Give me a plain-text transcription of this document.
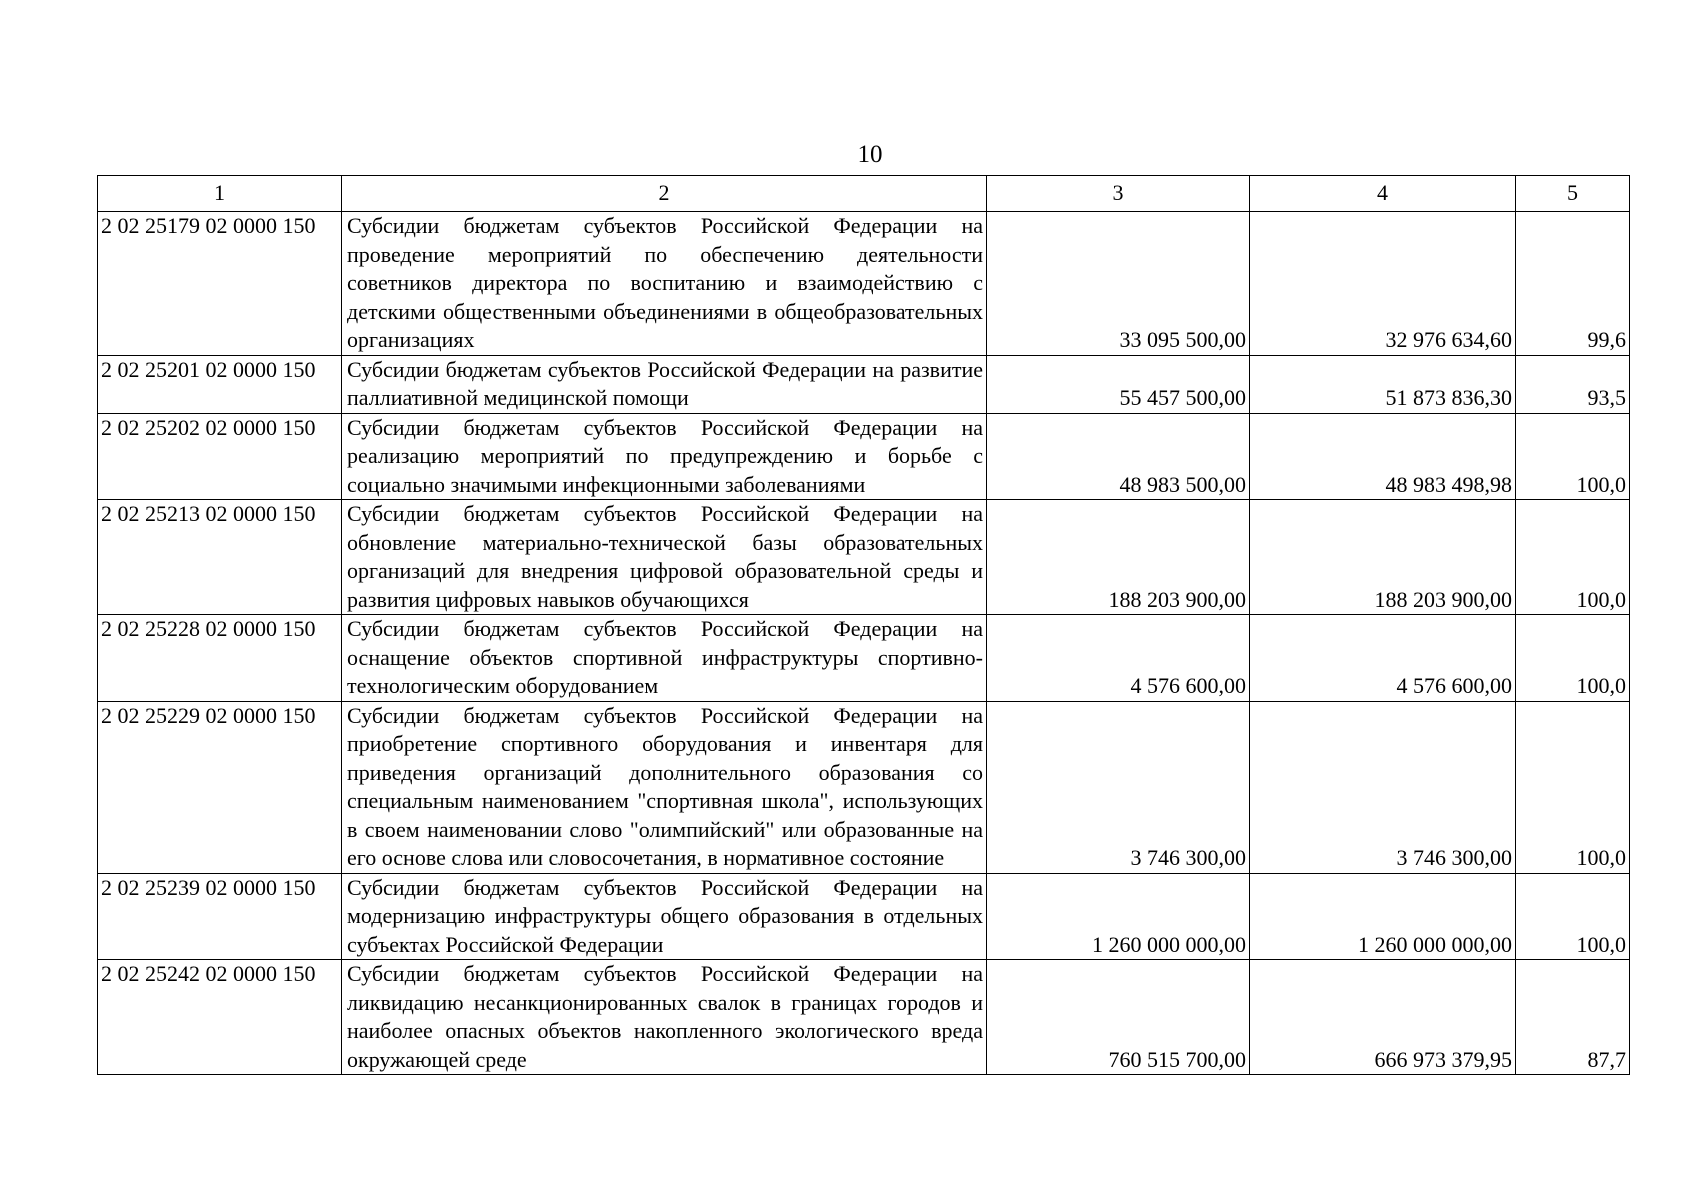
10
1	2	3	4	5
2 02 25179 02 0000 150	Субсидии бюджетам субъектов Российской Федерации на проведение мероприятий по обеспечению деятельности советников директора по воспитанию и взаимодействию с детскими общественными объединениями в общеобразовательных организациях	33 095 500,00	32 976 634,60	99,6
2 02 25201 02 0000 150	Субсидии бюджетам субъектов Российской Федерации на развитие паллиативной медицинской помощи	55 457 500,00	51 873 836,30	93,5
2 02 25202 02 0000 150	Субсидии бюджетам субъектов Российской Федерации на реализацию мероприятий по предупреждению и борьбе с социально значимыми инфекционными заболеваниями	48 983 500,00	48 983 498,98	100,0
2 02 25213 02 0000 150	Субсидии бюджетам субъектов Российской Федерации на обновление материально-технической базы образовательных организаций для внедрения цифровой образовательной среды и развития цифровых навыков обучающихся	188 203 900,00	188 203 900,00	100,0
2 02 25228 02 0000 150	Субсидии бюджетам субъектов Российской Федерации на оснащение объектов спортивной инфраструктуры спортивно-технологическим оборудованием	4 576 600,00	4 576 600,00	100,0
2 02 25229 02 0000 150	Субсидии бюджетам субъектов Российской Федерации на приобретение спортивного оборудования и инвентаря для приведения организаций дополнительного образования со специальным наименованием "спортивная школа", использующих в своем наименовании слово "олимпийский" или образованные на его основе слова или словосочетания, в нормативное состояние	3 746 300,00	3 746 300,00	100,0
2 02 25239 02 0000 150	Субсидии бюджетам субъектов Российской Федерации на модернизацию инфраструктуры общего образования в отдельных субъектах Российской Федерации	1 260 000 000,00	1 260 000 000,00	100,0
2 02 25242 02 0000 150	Субсидии бюджетам субъектов Российской Федерации на ликвидацию несанкционированных свалок в границах городов и наиболее опасных объектов накопленного экологического вреда окружающей среде	760 515 700,00	666 973 379,95	87,7
